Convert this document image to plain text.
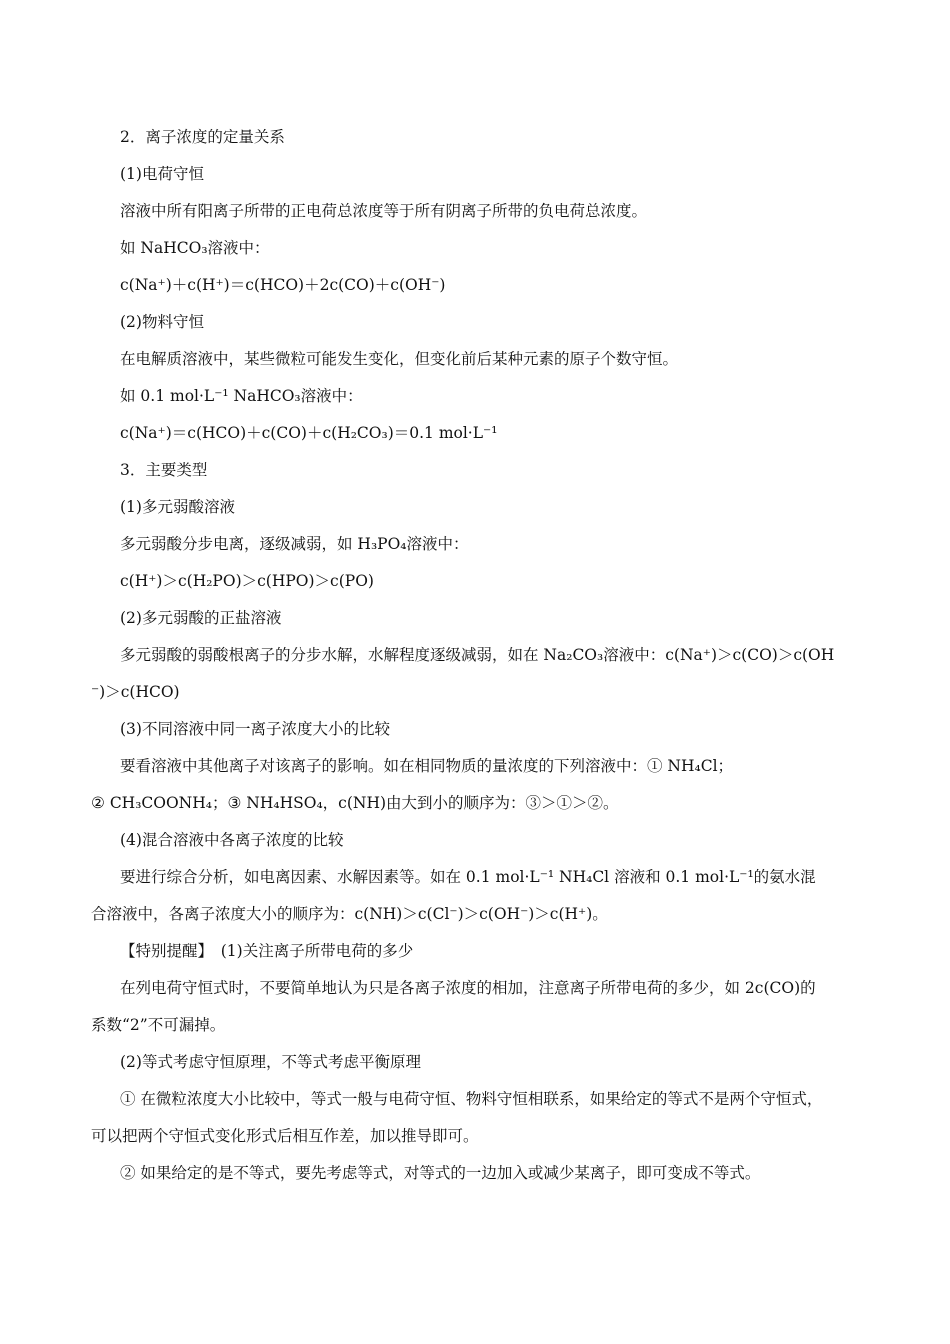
2．离子浓度的定量关系
(1)电荷守恒
溶液中所有阳离子所带的正电荷总浓度等于所有阴离子所带的负电荷总浓度。
如 NaHCO₃溶液中：
c(Na⁺)＋c(H⁺)＝c(HCO)＋2c(CO)＋c(OH⁻)
(2)物料守恒
在电解质溶液中，某些微粒可能发生变化，但变化前后某种元素的原子个数守恒。
如 0.1 mol·L⁻¹ NaHCO₃溶液中：
c(Na⁺)＝c(HCO)＋c(CO)＋c(H₂CO₃)＝0.1 mol·L⁻¹
3．主要类型
(1)多元弱酸溶液
多元弱酸分步电离，逐级减弱，如 H₃PO₄溶液中：
c(H⁺)＞c(H₂PO)＞c(HPO)＞c(PO)
(2)多元弱酸的正盐溶液
多元弱酸的弱酸根离子的分步水解，水解程度逐级减弱，如在 Na₂CO₃溶液中：c(Na⁺)＞c(CO)＞c(OH
⁻)＞c(HCO)
(3)不同溶液中同一离子浓度大小的比较
要看溶液中其他离子对该离子的影响。如在相同物质的量浓度的下列溶液中：① NH₄Cl；
② CH₃COONH₄；③ NH₄HSO₄，c(NH)由大到小的顺序为：③＞①＞②。
(4)混合溶液中各离子浓度的比较
要进行综合分析，如电离因素、水解因素等。如在 0.1 mol·L⁻¹ NH₄Cl 溶液和 0.1 mol·L⁻¹的氨水混
合溶液中，各离子浓度大小的顺序为：c(NH)＞c(Cl⁻)＞c(OH⁻)＞c(H⁺)。
【特别提醒】　(1)关注离子所带电荷的多少
在列电荷守恒式时，不要简单地认为只是各离子浓度的相加，注意离子所带电荷的多少，如 2c(CO)的
系数“2”不可漏掉。
(2)等式考虑守恒原理，不等式考虑平衡原理
① 在微粒浓度大小比较中，等式一般与电荷守恒、物料守恒相联系，如果给定的等式不是两个守恒式，
可以把两个守恒式变化形式后相互作差，加以推导即可。
② 如果给定的是不等式，要先考虑等式，对等式的一边加入或减少某离子，即可变成不等式。
